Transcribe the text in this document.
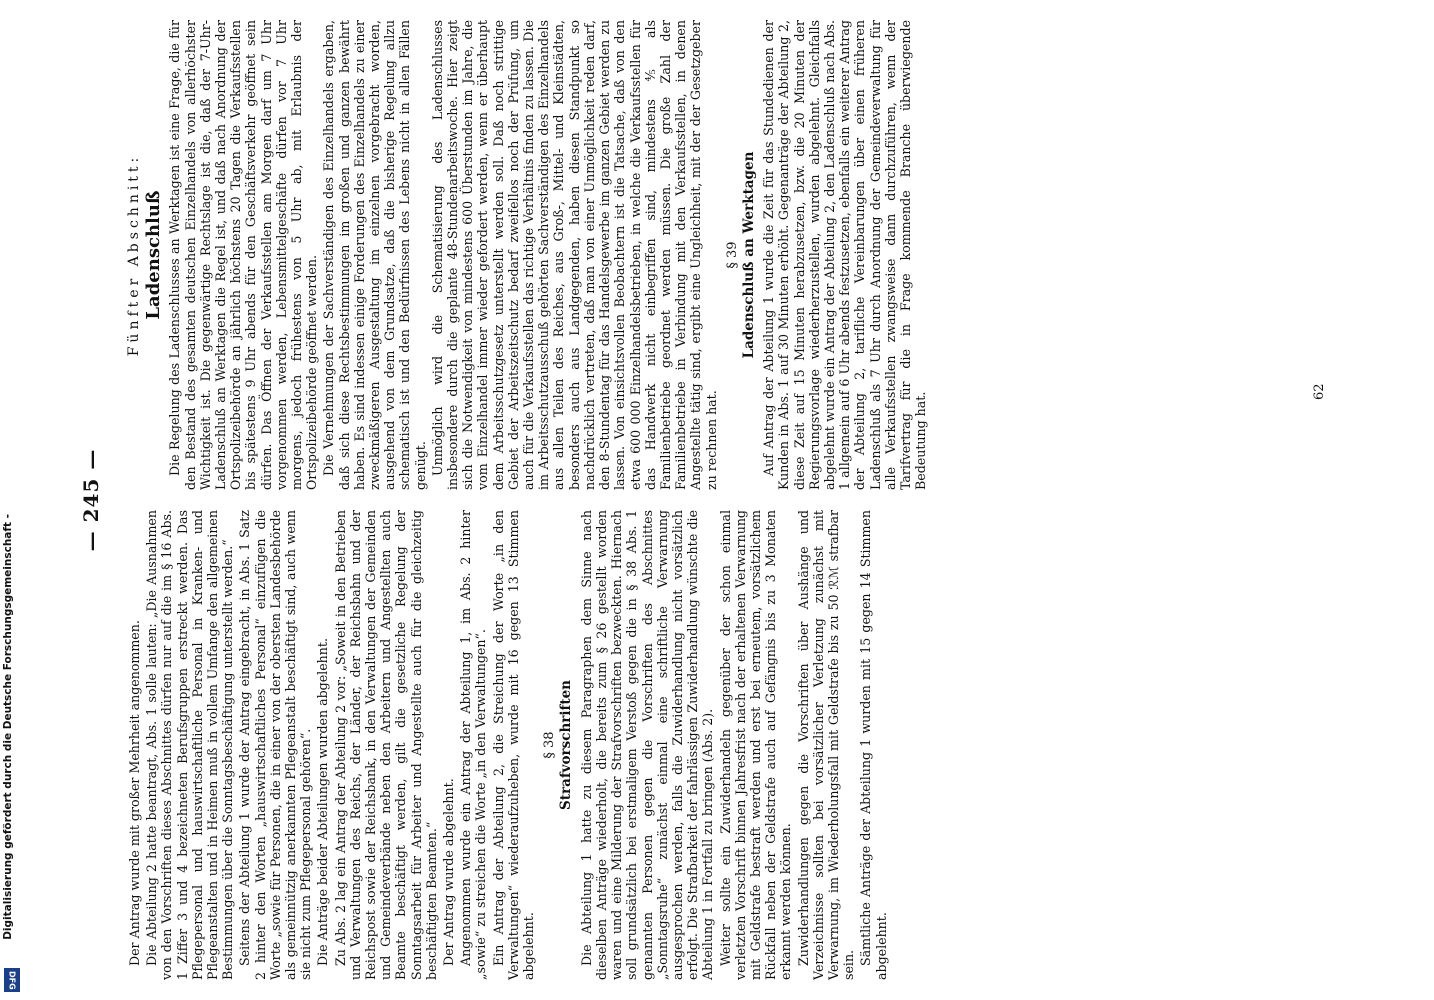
Digitalisierung gefördert durch die Deutsche Forschungsgemeinschaft -
DFG
— 245 —

Der Antrag wurde mit großer Mehrheit angenommen. Die Abteilung 2 hatte beantragt, Abs. 1 solle lauten: „Die Ausnahmen von den Vorschriften dieses Abschnittes dürfen nur auf die im § 16 Abs. 1 Ziffer 3 und 4 bezeichneten Berufsgruppen erstreckt werden. Das Pflegepersonal und hauswirtschaftliche Personal in Kranken- und Pflegeanstalten und in Heimen muß in vollem Umfange den allgemeinen Bestimmungen über die Sonntagsbeschäftigung unterstellt werden.“ Seitens der Abteilung 1 wurde der Antrag eingebracht, in Abs. 1 Satz 2 hinter den Worten „hauswirtschaftliches Personal“ einzufügen die Worte „sowie für Personen, die in einer von der obersten Landesbehörde als gemeinnützig anerkannten Pflegeanstalt beschäftigt sind, auch wenn sie nicht zum Pflegepersonal gehören“. Die Anträge beider Abteilungen wurden abgelehnt. Zu Abs. 2 lag ein Antrag der Abteilung 2 vor: „Soweit in den Betrieben und Verwaltungen des Reichs, der Länder, der Reichsbahn und der Reichspost sowie der Reichsbank, in den Verwaltungen der Gemeinden und Gemeindeverbände neben den Arbeitern und Angestellten auch Beamte beschäftigt werden, gilt die gesetzliche Regelung der Sonntagsarbeit für Arbeiter und Angestellte auch für die gleichzeitig beschäftigten Beamten.“ Der Antrag wurde abgelehnt. Angenommen wurde ein Antrag der Abteilung 1, im Abs. 2 hinter „sowie“ zu streichen die Worte „in den Verwaltungen“. Ein Antrag der Abteilung 2, die Streichung der Worte „in den Verwaltungen“ wiederaufzuheben, wurde mit 16 gegen 13 Stimmen abgelehnt.

§ 38 Strafvorschriften Die Abteilung 1 hatte zu diesem Paragraphen dem Sinne nach dieselben Anträge wiederholt, die bereits zum § 26 gestellt worden waren und eine Milderung der Strafvorschriften bezweckten. Hiernach soll grundsätzlich bei erstmaligem Verstoß gegen die in § 38 Abs. 1 genannten Personen gegen die Vorschriften des Abschnittes „Sonntagsruhe“ zunächst einmal eine schriftliche Verwarnung ausgesprochen werden, falls die Zuwiderhandlung nicht vorsätzlich erfolgt. Die Strafbarkeit der fahrlässigen Zuwiderhandlung wünschte die Abteilung 1 in Fortfall zu bringen (Abs. 2). Weiter sollte ein Zuwiderhandeln gegenüber der schon einmal verletzten Vorschrift binnen Jahresfrist nach der erhaltenen Verwarnung mit Geldstrafe bestraft werden und erst bei erneutem, vorsätzlichem Rückfall neben der Geldstrafe auch auf Gefängnis bis zu 3 Monaten erkannt werden können. Zuwiderhandlungen gegen die Vorschriften über Aushänge und Verzeichnisse sollten bei vorsätzlicher Verletzung zunächst mit Verwarnung, im Wiederholungsfall mit Geldstrafe bis zu 50 ℛℳ strafbar sein. Sämtliche Anträge der Abteilung 1 wurden mit 15 gegen 14 Stimmen abgelehnt.

Fünfter Abschnitt: Ladenschluß Die Regelung des Ladenschlusses an Werktagen ist eine Frage, die für den Bestand des gesamten deutschen Einzelhandels von allerhöchster Wichtigkeit ist. Die gegenwärtige Rechtslage ist die, daß der 7-Uhr-Ladenschluß an Werktagen die Regel ist, und daß nach Anordnung der Ortspolizeibehörde an jährlich höchstens 20 Tagen die Verkaufsstellen bis spätestens 9 Uhr abends für den Geschäftsverkehr geöffnet sein dürfen. Das Öffnen der Verkaufsstellen am Morgen darf um 7 Uhr vorgenommen werden, Lebensmittelgeschäfte dürfen vor 7 Uhr morgens, jedoch frühestens von 5 Uhr ab, mit Erlaubnis der Ortspolizeibehörde geöffnet werden. Die Vernehmungen der Sachverständigen des Einzelhandels ergaben, daß sich diese Rechtsbestimmungen im großen und ganzen bewährt haben. Es sind indessen einige Forderungen des Einzelhandels zu einer zweckmäßigeren Ausgestaltung im einzelnen vorgebracht worden, ausgehend von dem Grundsatze, daß die bisherige Regelung allzu schematisch ist und den Bedürfnissen des Lebens nicht in allen Fällen genügt. Unmöglich wird die Schematisierung des Ladenschlusses insbesondere durch die geplante 48-Stundenarbeitswoche. Hier zeigt sich die Notwendigkeit von mindestens 600 Überstunden im Jahre, die vom Einzelhandel immer wieder gefordert werden, wenn er überhaupt dem Arbeitsschutzgesetz unterstellt werden soll. Daß noch strittige Gebiet der Arbeitszeitschutz bedarf zweifellos noch der Prüfung, um auch für die Verkaufsstellen das richtige Verhältnis finden zu lassen. Die im Arbeitsschutzausschuß gehörten Sachverständigen des Einzelhandels aus allen Teilen des Reiches, aus Groß-, Mittel- und Kleinstädten, besonders auch aus Landgegenden, haben diesen Standpunkt so nachdrücklich vertreten, daß man von einer Unmöglichkeit reden darf, den 8-Stundentag für das Handelsgewerbe im ganzen Gebiet werden zu lassen. Von einsichtsvollen Beobachtern ist die Tatsache, daß von den etwa 600 000 Einzelhandelsbetrieben, in welche die Verkaufsstellen für das Handwerk nicht einbegriffen sind, mindestens ⅘ als Familienbetriebe geordnet werden müssen. Die große Zahl der Familienbetriebe in Verbindung mit den Verkaufsstellen, in denen Angestellte tätig sind, ergibt eine Ungleichheit, mit der der Gesetzgeber zu rechnen hat.

§ 39 Ladenschluß an Werktagen Auf Antrag der Abteilung 1 wurde die Zeit für das Stundedienen der Kunden in Abs. 1 auf 30 Minuten erhöht. Gegenanträge der Abteilung 2, diese Zeit auf 15 Minuten herabzusetzen, bzw. die 20 Minuten der Regierungsvorlage wiederherzustellen, wurden abgelehnt. Gleichfalls abgelehnt wurde ein Antrag der Abteilung 2, den Ladenschluß nach Abs. 1 allgemein auf 6 Uhr abends festzusetzen, ebenfalls ein weiterer Antrag der Abteilung 2, tarifliche Vereinbarungen über einen früheren Ladenschluß als 7 Uhr durch Anordnung der Gemeindeverwaltung für alle Verkaufsstellen zwangsweise dann durchzuführen, wenn der Tarifvertrag für die in Frage kommende Branche überwiegende Bedeutung hat.	62
